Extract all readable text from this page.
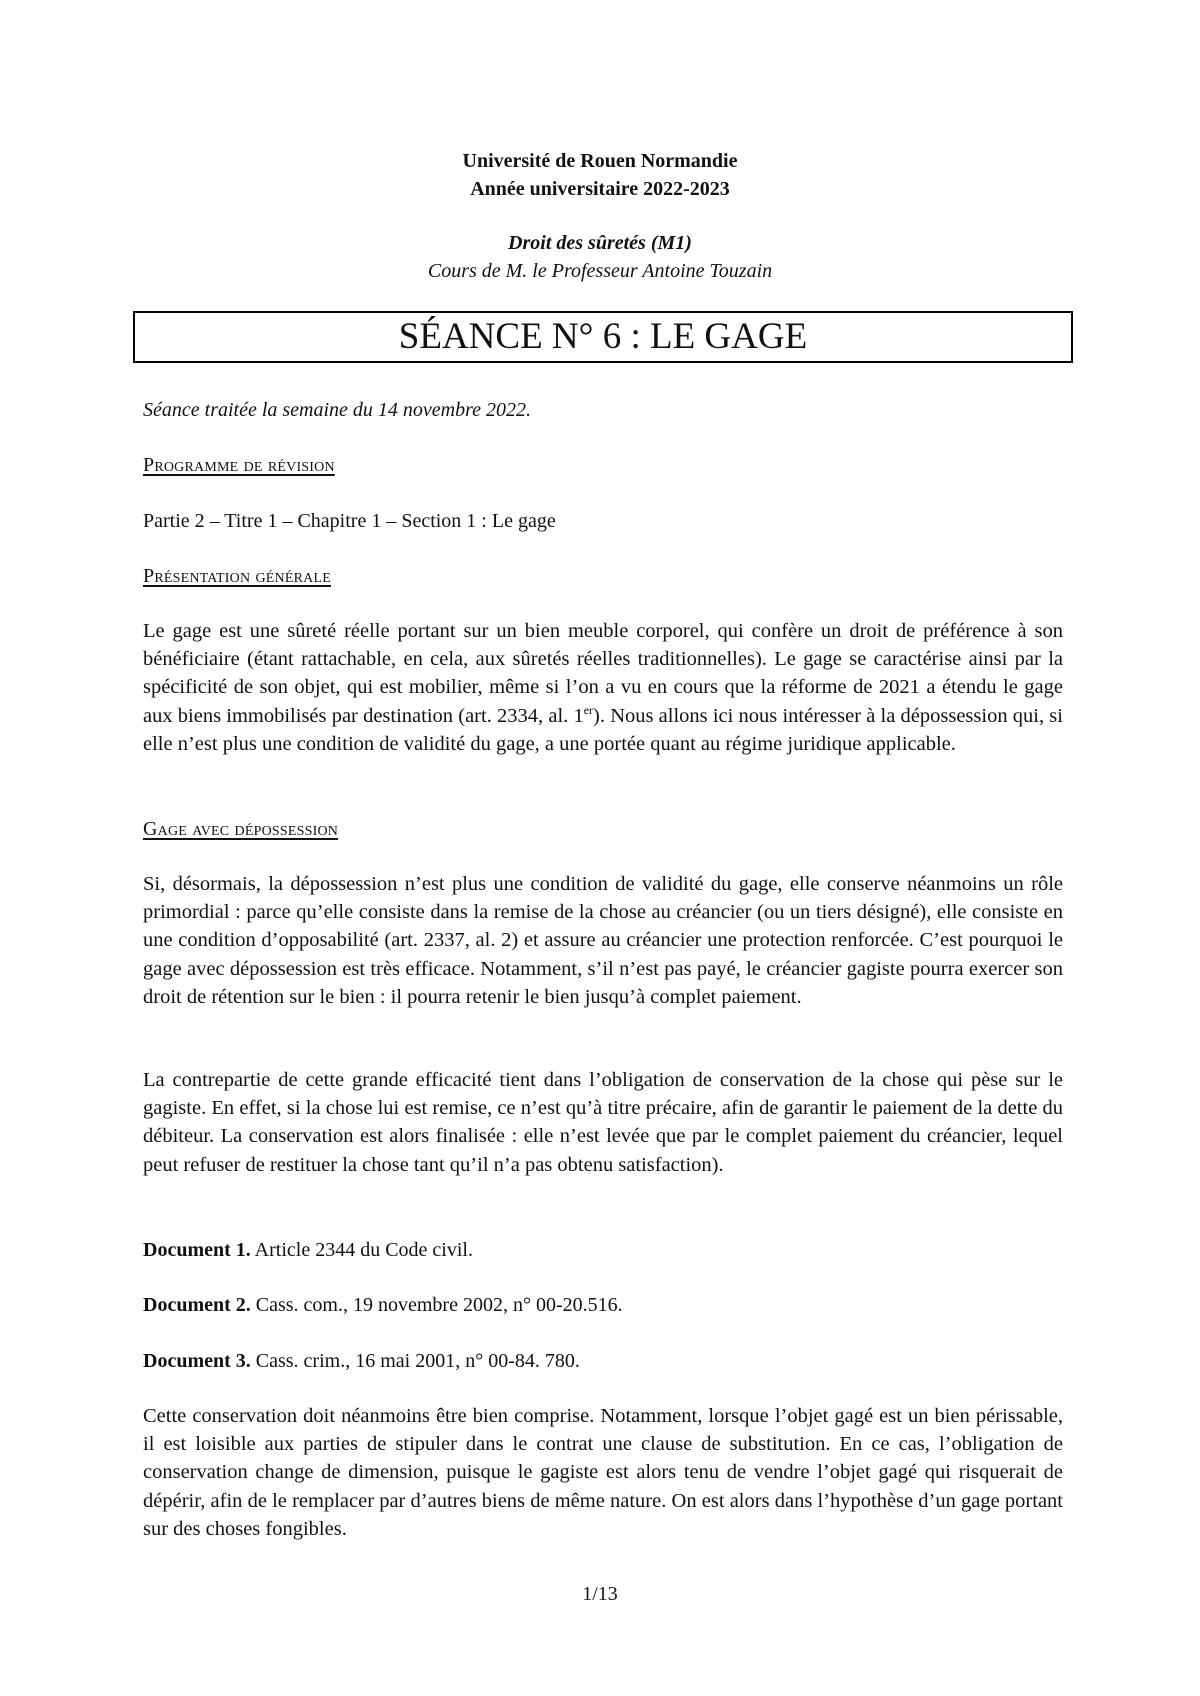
Université de Rouen Normandie
Année universitaire 2022-2023
Droit des sûretés (M1)
Cours de M. le Professeur Antoine Touzain
SÉANCE N° 6 : LE GAGE
Séance traitée la semaine du 14 novembre 2022.
Programme de révision
Partie 2 – Titre 1 – Chapitre 1 – Section 1 : Le gage
Présentation générale

Le gage est une sûreté réelle portant sur un bien meuble corporel, qui confère un droit de préférence à son bénéficiaire (étant rattachable, en cela, aux sûretés réelles traditionnelles). Le gage se caractérise ainsi par la spécificité de son objet, qui est mobilier, même si l’on a vu en cours que la réforme de 2021 a étendu le gage aux biens immobilisés par destination (art. 2334, al. 1er). Nous allons ici nous intéresser à la dépossession qui, si elle n’est plus une condition de validité du gage, a une portée quant au régime juridique applicable.

Gage avec dépossession

Si, désormais, la dépossession n’est plus une condition de validité du gage, elle conserve néanmoins un rôle primordial : parce qu’elle consiste dans la remise de la chose au créancier (ou un tiers désigné), elle consiste en une condition d’opposabilité (art. 2337, al. 2) et assure au créancier une protection renforcée. C’est pourquoi le gage avec dépossession est très efficace. Notamment, s’il n’est pas payé, le créancier gagiste pourra exercer son droit de rétention sur le bien : il pourra retenir le bien jusqu’à complet paiement.

La contrepartie de cette grande efficacité tient dans l’obligation de conservation de la chose qui pèse sur le gagiste. En effet, si la chose lui est remise, ce n’est qu’à titre précaire, afin de garantir le paiement de la dette du débiteur. La conservation est alors finalisée : elle n’est levée que par le complet paiement du créancier, lequel peut refuser de restituer la chose tant qu’il n’a pas obtenu satisfaction).

Document 1. Article 2344 du Code civil.
Document 2. Cass. com., 19 novembre 2002, n° 00-20.516.
Document 3. Cass. crim., 16 mai 2001, n° 00-84. 780.

Cette conservation doit néanmoins être bien comprise. Notamment, lorsque l’objet gagé est un bien périssable, il est loisible aux parties de stipuler dans le contrat une clause de substitution. En ce cas, l’obligation de conservation change de dimension, puisque le gagiste est alors tenu de vendre l’objet gagé qui risquerait de dépérir, afin de le remplacer par d’autres biens de même nature. On est alors dans l’hypothèse d’un gage portant sur des choses fongibles.

1/13
